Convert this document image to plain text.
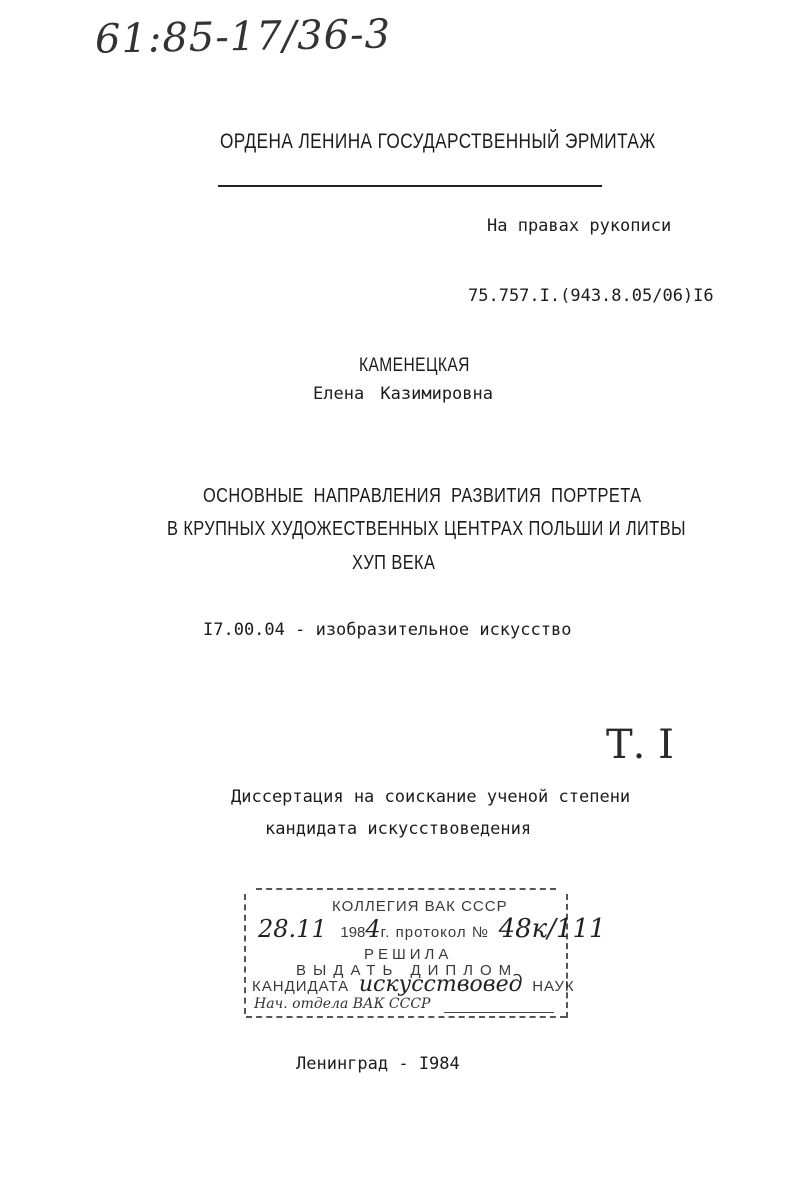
61:85-17/36-3
ОРДЕНА ЛЕНИНА ГОСУДАРСТВЕННЫЙ ЭРМИТАЖ
На правах рукописи
75.757.I.(943.8.05/06)I6
КАМЕНЕЦКАЯ
Елена Казимировна
ОСНОВНЫЕ НАПРАВЛЕНИЯ РАЗВИТИЯ ПОРТРЕТА
В КРУПНЫХ ХУДОЖЕСТВЕННЫХ ЦЕНТРАХ ПОЛЬШИ И ЛИТВЫ
ХУП ВЕКА
I7.00.04 - изобразительное искусство
Т. I
Диссертация на соискание ученой степени
кандидата искусствоведения
КОЛЛЕГИЯ ВАК СССР
28.11 1984г. протокол № 48к/111
РЕШИЛА
ВЫДАТЬ ДИПЛОМ
КАНДИДАТА искусствовед НАУК
Нач. отдела ВАК СССР
Ленинград - I984
